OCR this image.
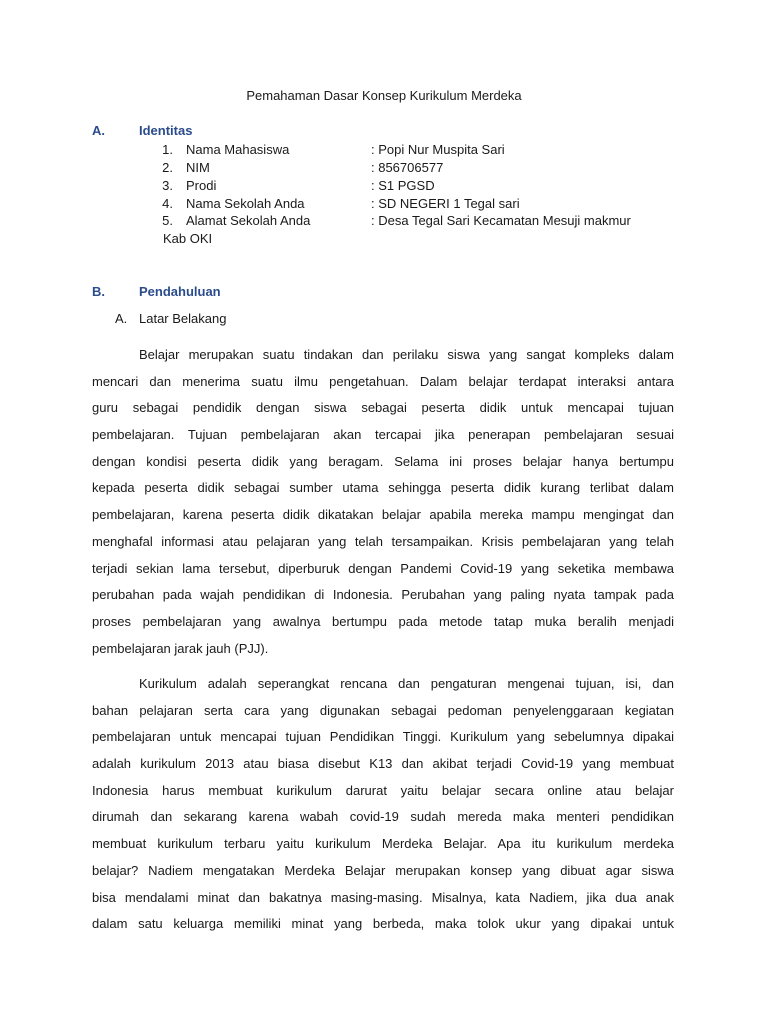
Pemahaman Dasar Konsep Kurikulum Merdeka
A.	Identitas
1. Nama Mahasiswa	: Popi Nur Muspita Sari
2. NIM	: 856706577
3. Prodi	: S1 PGSD
4. Nama Sekolah Anda	: SD NEGERI 1 Tegal sari
5. Alamat Sekolah Anda	: Desa Tegal Sari Kecamatan Mesuji makmur
Kab OKI
B.	Pendahuluan
A. Latar Belakang
Belajar merupakan suatu tindakan dan perilaku siswa yang sangat kompleks dalam
mencari dan menerima suatu ilmu pengetahuan. Dalam belajar terdapat interaksi antara
guru sebagai pendidik dengan siswa sebagai peserta didik untuk mencapai tujuan
pembelajaran. Tujuan pembelajaran akan tercapai jika penerapan pembelajaran sesuai
dengan kondisi peserta didik yang beragam. Selama ini proses belajar hanya bertumpu
kepada peserta didik sebagai sumber utama sehingga peserta didik kurang terlibat dalam
pembelajaran, karena peserta didik dikatakan belajar apabila mereka mampu mengingat dan
menghafal informasi atau pelajaran yang telah tersampaikan. Krisis pembelajaran yang telah
terjadi sekian lama tersebut, diperburuk dengan Pandemi Covid-19 yang seketika membawa
perubahan pada wajah pendidikan di Indonesia. Perubahan yang paling nyata tampak pada
proses pembelajaran yang awalnya bertumpu pada metode tatap muka beralih menjadi
pembelajaran jarak jauh (PJJ).
Kurikulum adalah seperangkat rencana dan pengaturan mengenai tujuan, isi, dan
bahan pelajaran serta cara yang digunakan sebagai pedoman penyelenggaraan kegiatan
pembelajaran untuk mencapai tujuan Pendidikan Tinggi. Kurikulum yang sebelumnya dipakai
adalah kurikulum 2013 atau biasa disebut K13 dan akibat terjadi Covid-19 yang membuat
Indonesia harus membuat kurikulum darurat yaitu belajar secara online atau belajar
dirumah dan sekarang karena wabah covid-19 sudah mereda maka menteri pendidikan
membuat kurikulum terbaru yaitu kurikulum Merdeka Belajar. Apa itu kurikulum merdeka
belajar? Nadiem mengatakan Merdeka Belajar merupakan konsep yang dibuat agar siswa
bisa mendalami minat dan bakatnya masing-masing. Misalnya, kata Nadiem, jika dua anak
dalam satu keluarga memiliki minat yang berbeda, maka tolok ukur yang dipakai untuk
